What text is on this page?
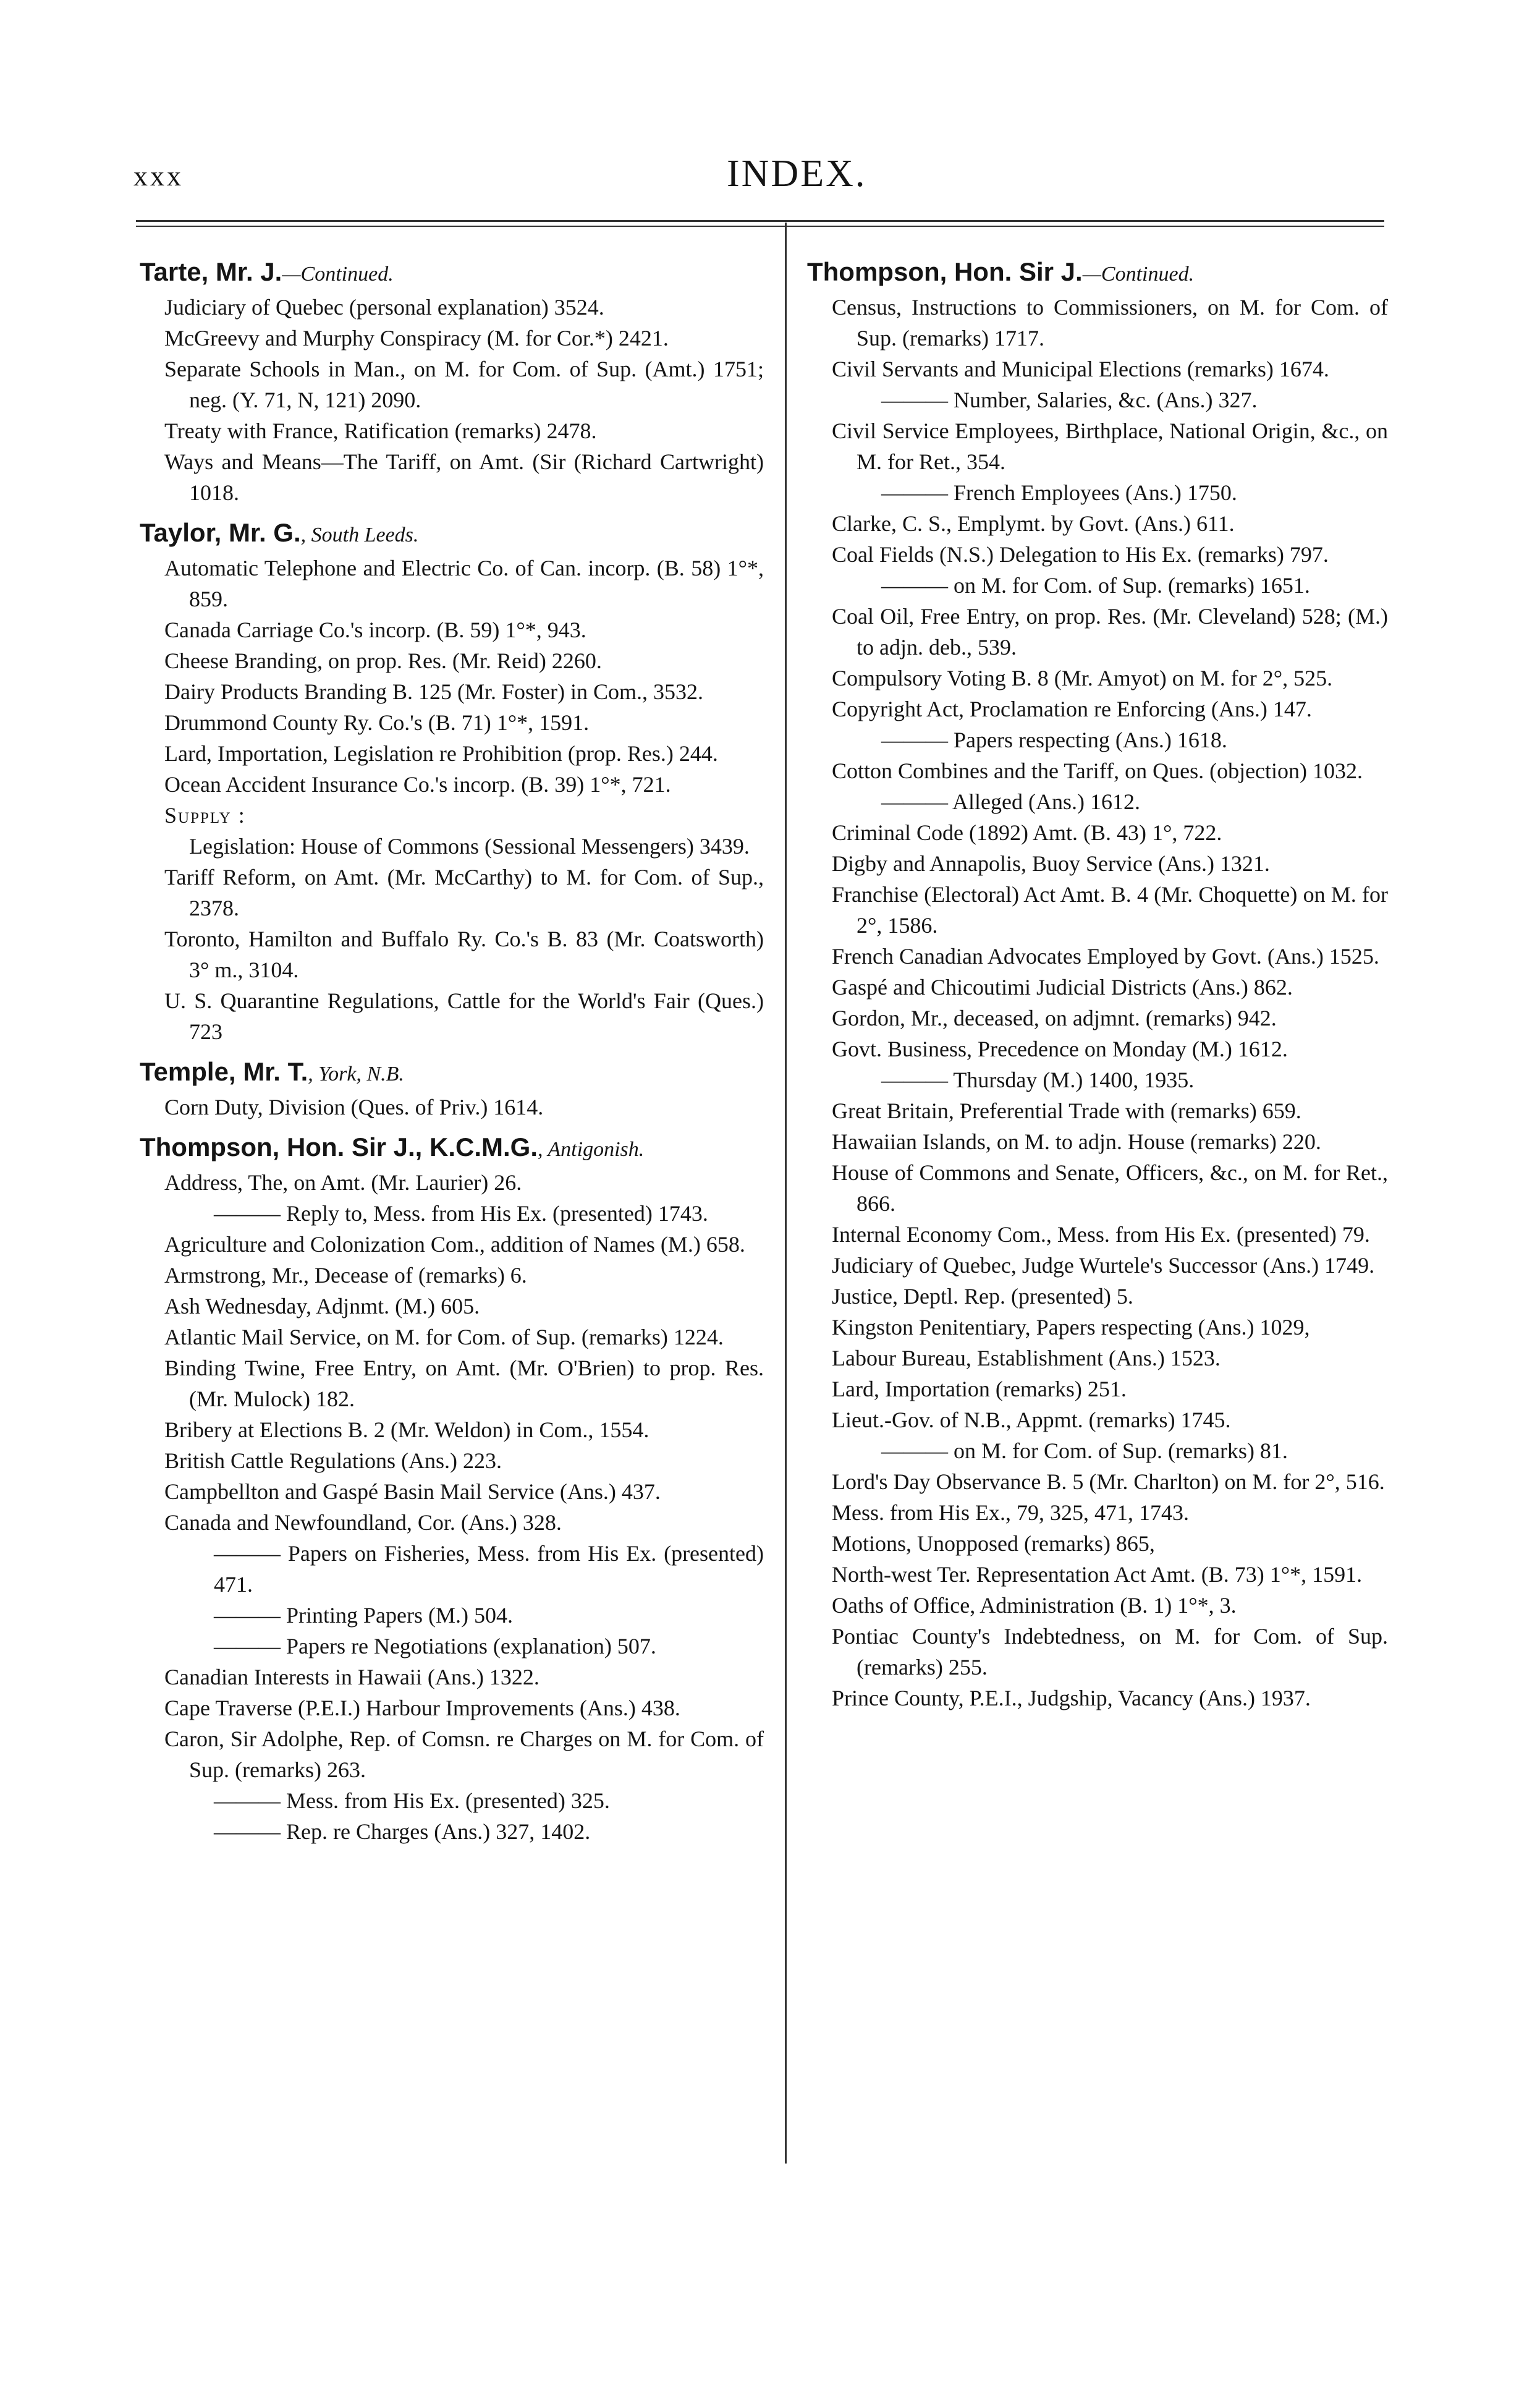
xxx	INDEX.
Tarte, Mr. J.—Continued.
Judiciary of Quebec (personal explanation) 3524.
McGreevy and Murphy Conspiracy (M. for Cor.*) 2421.
Separate Schools in Man., on M. for Com. of Sup. (Amt.) 1751; neg. (Y. 71, N, 121) 2090.
Treaty with France, Ratification (remarks) 2478.
Ways and Means—The Tariff, on Amt. (Sir (Richard Cartwright) 1018.
Taylor, Mr. G., South Leeds.
Automatic Telephone and Electric Co. of Can. incorp. (B. 58) 1°*, 859.
Canada Carriage Co.'s incorp. (B. 59) 1°*, 943.
Cheese Branding, on prop. Res. (Mr. Reid) 2260.
Dairy Products Branding B. 125 (Mr. Foster) in Com., 3532.
Drummond County Ry. Co.'s (B. 71) 1°*, 1591.
Lard, Importation, Legislation re Prohibition (prop. Res.) 244.
Ocean Accident Insurance Co.'s incorp. (B. 39) 1°*, 721.
Supply :
Legislation: House of Commons (Sessional Messengers) 3439.
Tariff Reform, on Amt. (Mr. McCarthy) to M. for Com. of Sup., 2378.
Toronto, Hamilton and Buffalo Ry. Co.'s B. 83 (Mr. Coatsworth) 3° m., 3104.
U. S. Quarantine Regulations, Cattle for the World's Fair (Ques.) 723
Temple, Mr. T., York, N.B.
Corn Duty, Division (Ques. of Priv.) 1614.
Thompson, Hon. Sir J., K.C.M.G., Antigonish.
Address, The, on Amt. (Mr. Laurier) 26.
——— Reply to, Mess. from His Ex. (presented) 1743.
Agriculture and Colonization Com., addition of Names (M.) 658.
Armstrong, Mr., Decease of (remarks) 6.
Ash Wednesday, Adjnmt. (M.) 605.
Atlantic Mail Service, on M. for Com. of Sup. (remarks) 1224.
Binding Twine, Free Entry, on Amt. (Mr. O'Brien) to prop. Res. (Mr. Mulock) 182.
Bribery at Elections B. 2 (Mr. Weldon) in Com., 1554.
British Cattle Regulations (Ans.) 223.
Campbellton and Gaspé Basin Mail Service (Ans.) 437.
Canada and Newfoundland, Cor. (Ans.) 328.
——— Papers on Fisheries, Mess. from His Ex. (presented) 471.
——— Printing Papers (M.) 504.
——— Papers re Negotiations (explanation) 507.
Canadian Interests in Hawaii (Ans.) 1322.
Cape Traverse (P.E.I.) Harbour Improvements (Ans.) 438.
Caron, Sir Adolphe, Rep. of Comsn. re Charges on M. for Com. of Sup. (remarks) 263.
——— Mess. from His Ex. (presented) 325.
——— Rep. re Charges (Ans.) 327, 1402.
Thompson, Hon. Sir J.—Continued.
Census, Instructions to Commissioners, on M. for Com. of Sup. (remarks) 1717.
Civil Servants and Municipal Elections (remarks) 1674.
——— Number, Salaries, &c. (Ans.) 327.
Civil Service Employees, Birthplace, National Origin, &c., on M. for Ret., 354.
——— French Employees (Ans.) 1750.
Clarke, C. S., Emplymt. by Govt. (Ans.) 611.
Coal Fields (N.S.) Delegation to His Ex. (remarks) 797.
——— on M. for Com. of Sup. (remarks) 1651.
Coal Oil, Free Entry, on prop. Res. (Mr. Cleveland) 528; (M.) to adjn. deb., 539.
Compulsory Voting B. 8 (Mr. Amyot) on M. for 2°, 525.
Copyright Act, Proclamation re Enforcing (Ans.) 147.
——— Papers respecting (Ans.) 1618.
Cotton Combines and the Tariff, on Ques. (objection) 1032.
——— Alleged (Ans.) 1612.
Criminal Code (1892) Amt. (B. 43) 1°, 722.
Digby and Annapolis, Buoy Service (Ans.) 1321.
Franchise (Electoral) Act Amt. B. 4 (Mr. Choquette) on M. for 2°, 1586.
French Canadian Advocates Employed by Govt. (Ans.) 1525.
Gaspé and Chicoutimi Judicial Districts (Ans.) 862.
Gordon, Mr., deceased, on adjmnt. (remarks) 942.
Govt. Business, Precedence on Monday (M.) 1612.
——— Thursday (M.) 1400, 1935.
Great Britain, Preferential Trade with (remarks) 659.
Hawaiian Islands, on M. to adjn. House (remarks) 220.
House of Commons and Senate, Officers, &c., on M. for Ret., 866.
Internal Economy Com., Mess. from His Ex. (presented) 79.
Judiciary of Quebec, Judge Wurtele's Successor (Ans.) 1749.
Justice, Deptl. Rep. (presented) 5.
Kingston Penitentiary, Papers respecting (Ans.) 1029,
Labour Bureau, Establishment (Ans.) 1523.
Lard, Importation (remarks) 251.
Lieut.-Gov. of N.B., Appmt. (remarks) 1745.
——— on M. for Com. of Sup. (remarks) 81.
Lord's Day Observance B. 5 (Mr. Charlton) on M. for 2°, 516.
Mess. from His Ex., 79, 325, 471, 1743.
Motions, Unopposed (remarks) 865,
North-west Ter. Representation Act Amt. (B. 73) 1°*, 1591.
Oaths of Office, Administration (B. 1) 1°*, 3.
Pontiac County's Indebtedness, on M. for Com. of Sup. (remarks) 255.
Prince County, P.E.I., Judgship, Vacancy (Ans.) 1937.
